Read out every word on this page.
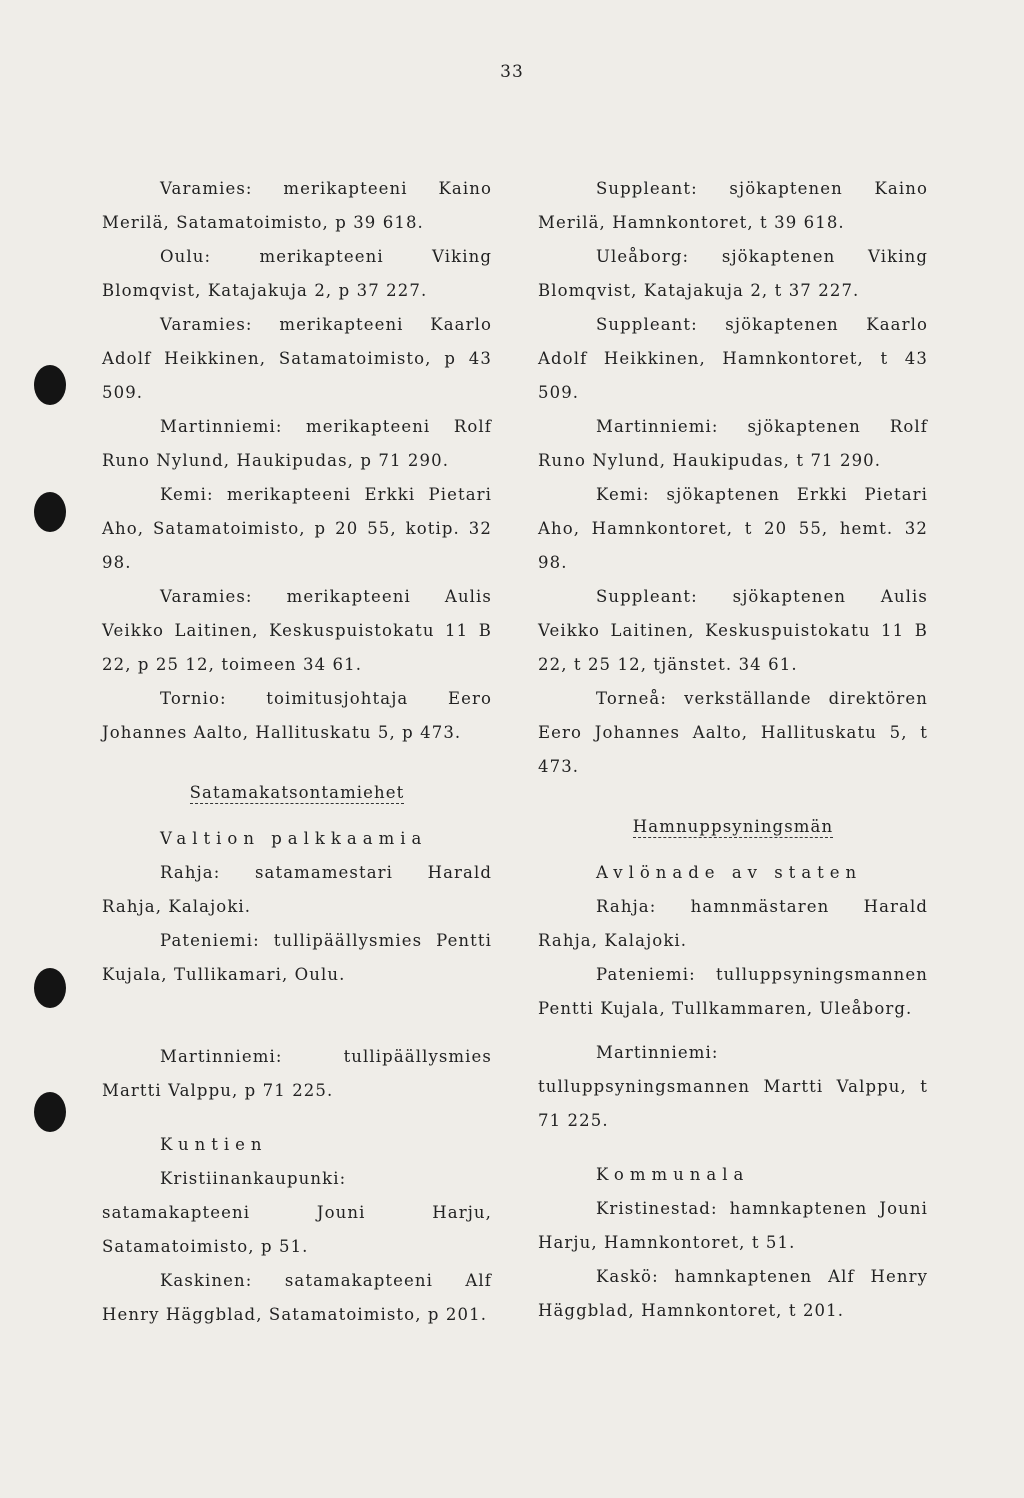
33

Varamies: merikapteeni Kaino Merilä, Satamatoimisto, p 39 618.

Oulu: merikapteeni Viking Blomqvist, Katajakuja 2, p 37 227.

Varamies: merikapteeni Kaarlo Adolf Heikkinen, Satamatoimisto, p 43 509.

Martinniemi: merikapteeni Rolf Runo Nylund, Haukipudas, p 71 290.

Kemi: merikapteeni Erkki Pietari Aho, Satamatoimisto, p 20 55, kotip. 32 98.

Varamies: merikapteeni Aulis Veikko Laitinen, Keskuspuistokatu 11 B 22, p 25 12, toimeen 34 61.

Tornio: toimitusjohtaja Eero Johannes Aalto, Hallituskatu 5, p 473.

Satamakatsontamiehet

Valtion palkkaamia

Rahja: satamamestari Harald Rahja, Kalajoki.

Pateniemi: tullipäällysmies Pentti Kujala, Tullikamari, Oulu.

Martinniemi: tullipäällysmies Martti Valppu, p 71 225.

Kuntien

Kristiinankaupunki: satamakapteeni Jouni Harju, Satamatoimisto, p 51.

Kaskinen: satamakapteeni Alf Henry Häggblad, Satamatoimisto, p 201.

Suppleant: sjökaptenen Kaino Merilä, Hamnkontoret, t 39 618.

Uleåborg: sjökaptenen Viking Blomqvist, Katajakuja 2, t 37 227.

Suppleant: sjökaptenen Kaarlo Adolf Heikkinen, Hamnkontoret, t 43 509.

Martinniemi: sjökaptenen Rolf Runo Nylund, Haukipudas, t 71 290.

Kemi: sjökaptenen Erkki Pietari Aho, Hamnkontoret, t 20 55, hemt. 32 98.

Suppleant: sjökaptenen Aulis Veikko Laitinen, Keskuspuistokatu 11 B 22, t 25 12, tjänstet. 34 61.

Torneå: verkställande direktören Eero Johannes Aalto, Hallituskatu 5, t 473.

Hamnuppsyningsmän

Avlönade av staten

Rahja: hamnmästaren Harald Rahja, Kalajoki.

Pateniemi: tulluppsyningsmannen Pentti Kujala, Tullkammaren, Uleåborg.

Martinniemi: tulluppsyningsmannen Martti Valppu, t 71 225.

Kommunala

Kristinestad: hamnkaptenen Jouni Harju, Hamnkontoret, t 51.

Kaskö: hamnkaptenen Alf Henry Häggblad, Hamnkontoret, t 201.
